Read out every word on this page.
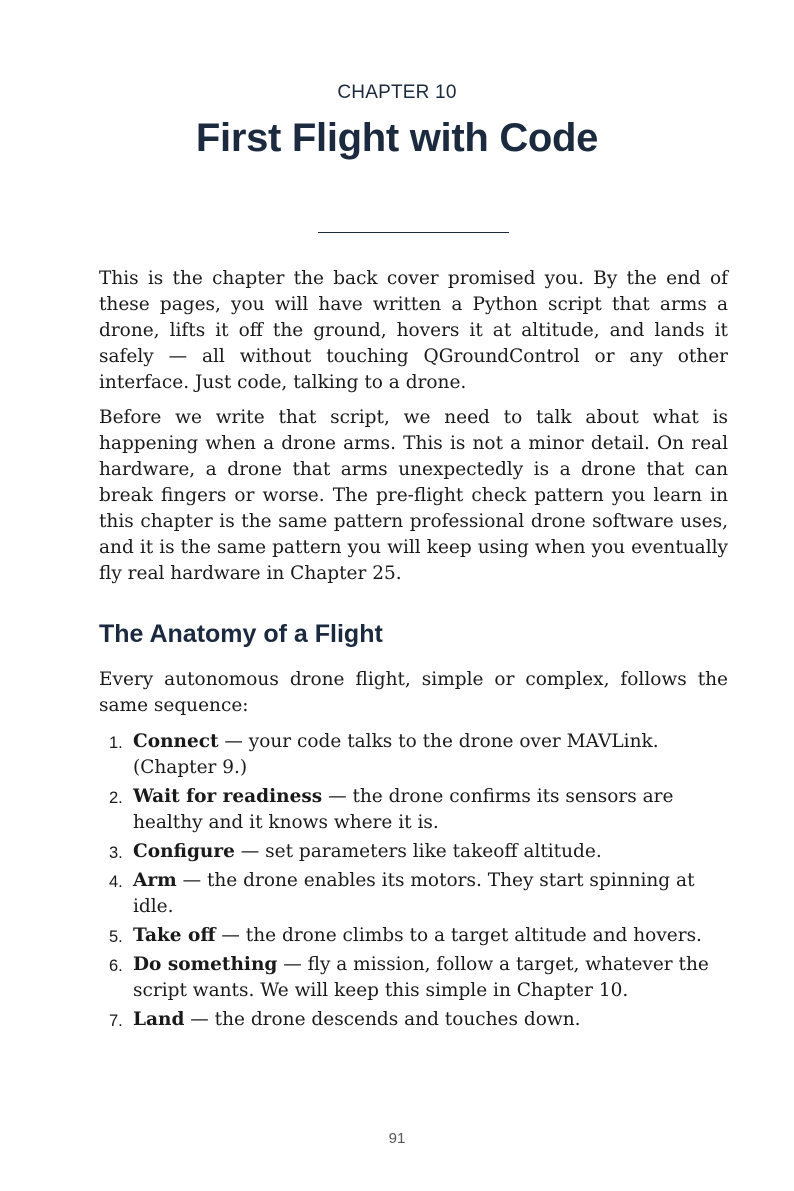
CHAPTER 10
First Flight with Code

This is the chapter the back cover promised you. By the end of these pages, you will have written a Python script that arms a drone, lifts it off the ground, hovers it at altitude, and lands it safely — all without touching QGroundControl or any other interface. Just code, talking to a drone.

Before we write that script, we need to talk about what is happening when a drone arms. This is not a minor detail. On real hardware, a drone that arms unexpectedly is a drone that can break fingers or worse. The pre-flight check pattern you learn in this chapter is the same pattern professional drone software uses, and it is the same pattern you will keep using when you eventually fly real hardware in Chapter 25.

The Anatomy of a Flight

Every autonomous drone flight, simple or complex, follows the same sequence:

1. Connect — your code talks to the drone over MAVLink. (Chapter 9.)
2. Wait for readiness — the drone confirms its sensors are healthy and it knows where it is.
3. Configure — set parameters like takeoff altitude.
4. Arm — the drone enables its motors. They start spinning at idle.
5. Take off — the drone climbs to a target altitude and hovers.
6. Do something — fly a mission, follow a target, whatever the script wants. We will keep this simple in Chapter 10.
7. Land — the drone descends and touches down.
91
